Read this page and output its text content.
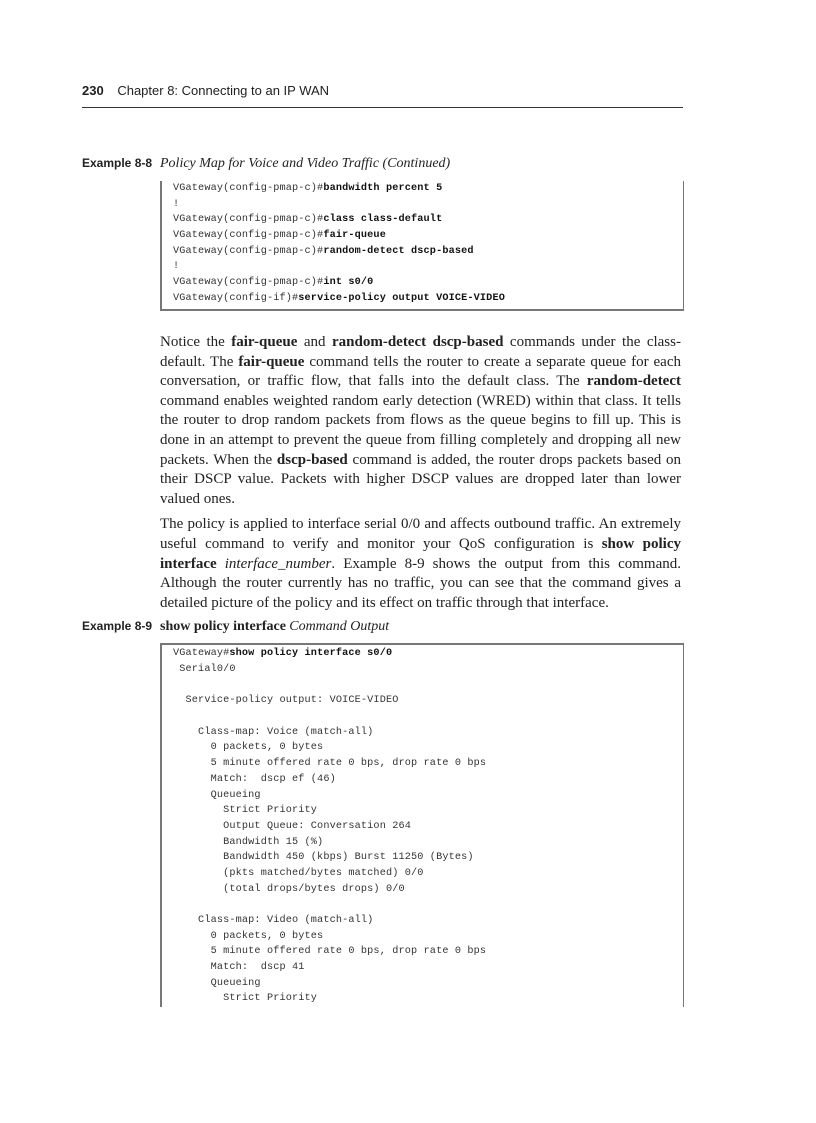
230 Chapter 8: Connecting to an IP WAN
Example 8-8 Policy Map for Voice and Video Traffic (Continued)
VGateway(config-pmap-c)#bandwidth percent 5
!
VGateway(config-pmap-c)#class class-default
VGateway(config-pmap-c)#fair-queue
VGateway(config-pmap-c)#random-detect dscp-based
!
VGateway(config-pmap-c)#int s0/0
VGateway(config-if)#service-policy output VOICE-VIDEO
Notice the fair-queue and random-detect dscp-based commands under the class-default. The fair-queue command tells the router to create a separate queue for each conversation, or traffic flow, that falls into the default class. The random-detect command enables weighted random early detection (WRED) within that class. It tells the router to drop random packets from flows as the queue begins to fill up. This is done in an attempt to prevent the queue from filling completely and dropping all new packets. When the dscp-based command is added, the router drops packets based on their DSCP value. Packets with higher DSCP values are dropped later than lower valued ones.
The policy is applied to interface serial 0/0 and affects outbound traffic. An extremely useful command to verify and monitor your QoS configuration is show policy interface interface_number. Example 8-9 shows the output from this command. Although the router currently has no traffic, you can see that the command gives a detailed picture of the policy and its effect on traffic through that interface.
Example 8-9 show policy interface Command Output
VGateway#show policy interface s0/0
Serial0/0
Service-policy output: VOICE-VIDEO
Class-map: Voice (match-all)
0 packets, 0 bytes
5 minute offered rate 0 bps, drop rate 0 bps
Match:  dscp ef (46)
Queueing
Strict Priority
Output Queue: Conversation 264
Bandwidth 15 (%)
Bandwidth 450 (kbps) Burst 11250 (Bytes)
(pkts matched/bytes matched) 0/0
(total drops/bytes drops) 0/0
Class-map: Video (match-all)
0 packets, 0 bytes
5 minute offered rate 0 bps, drop rate 0 bps
Match:  dscp 41
Queueing
Strict Priority
